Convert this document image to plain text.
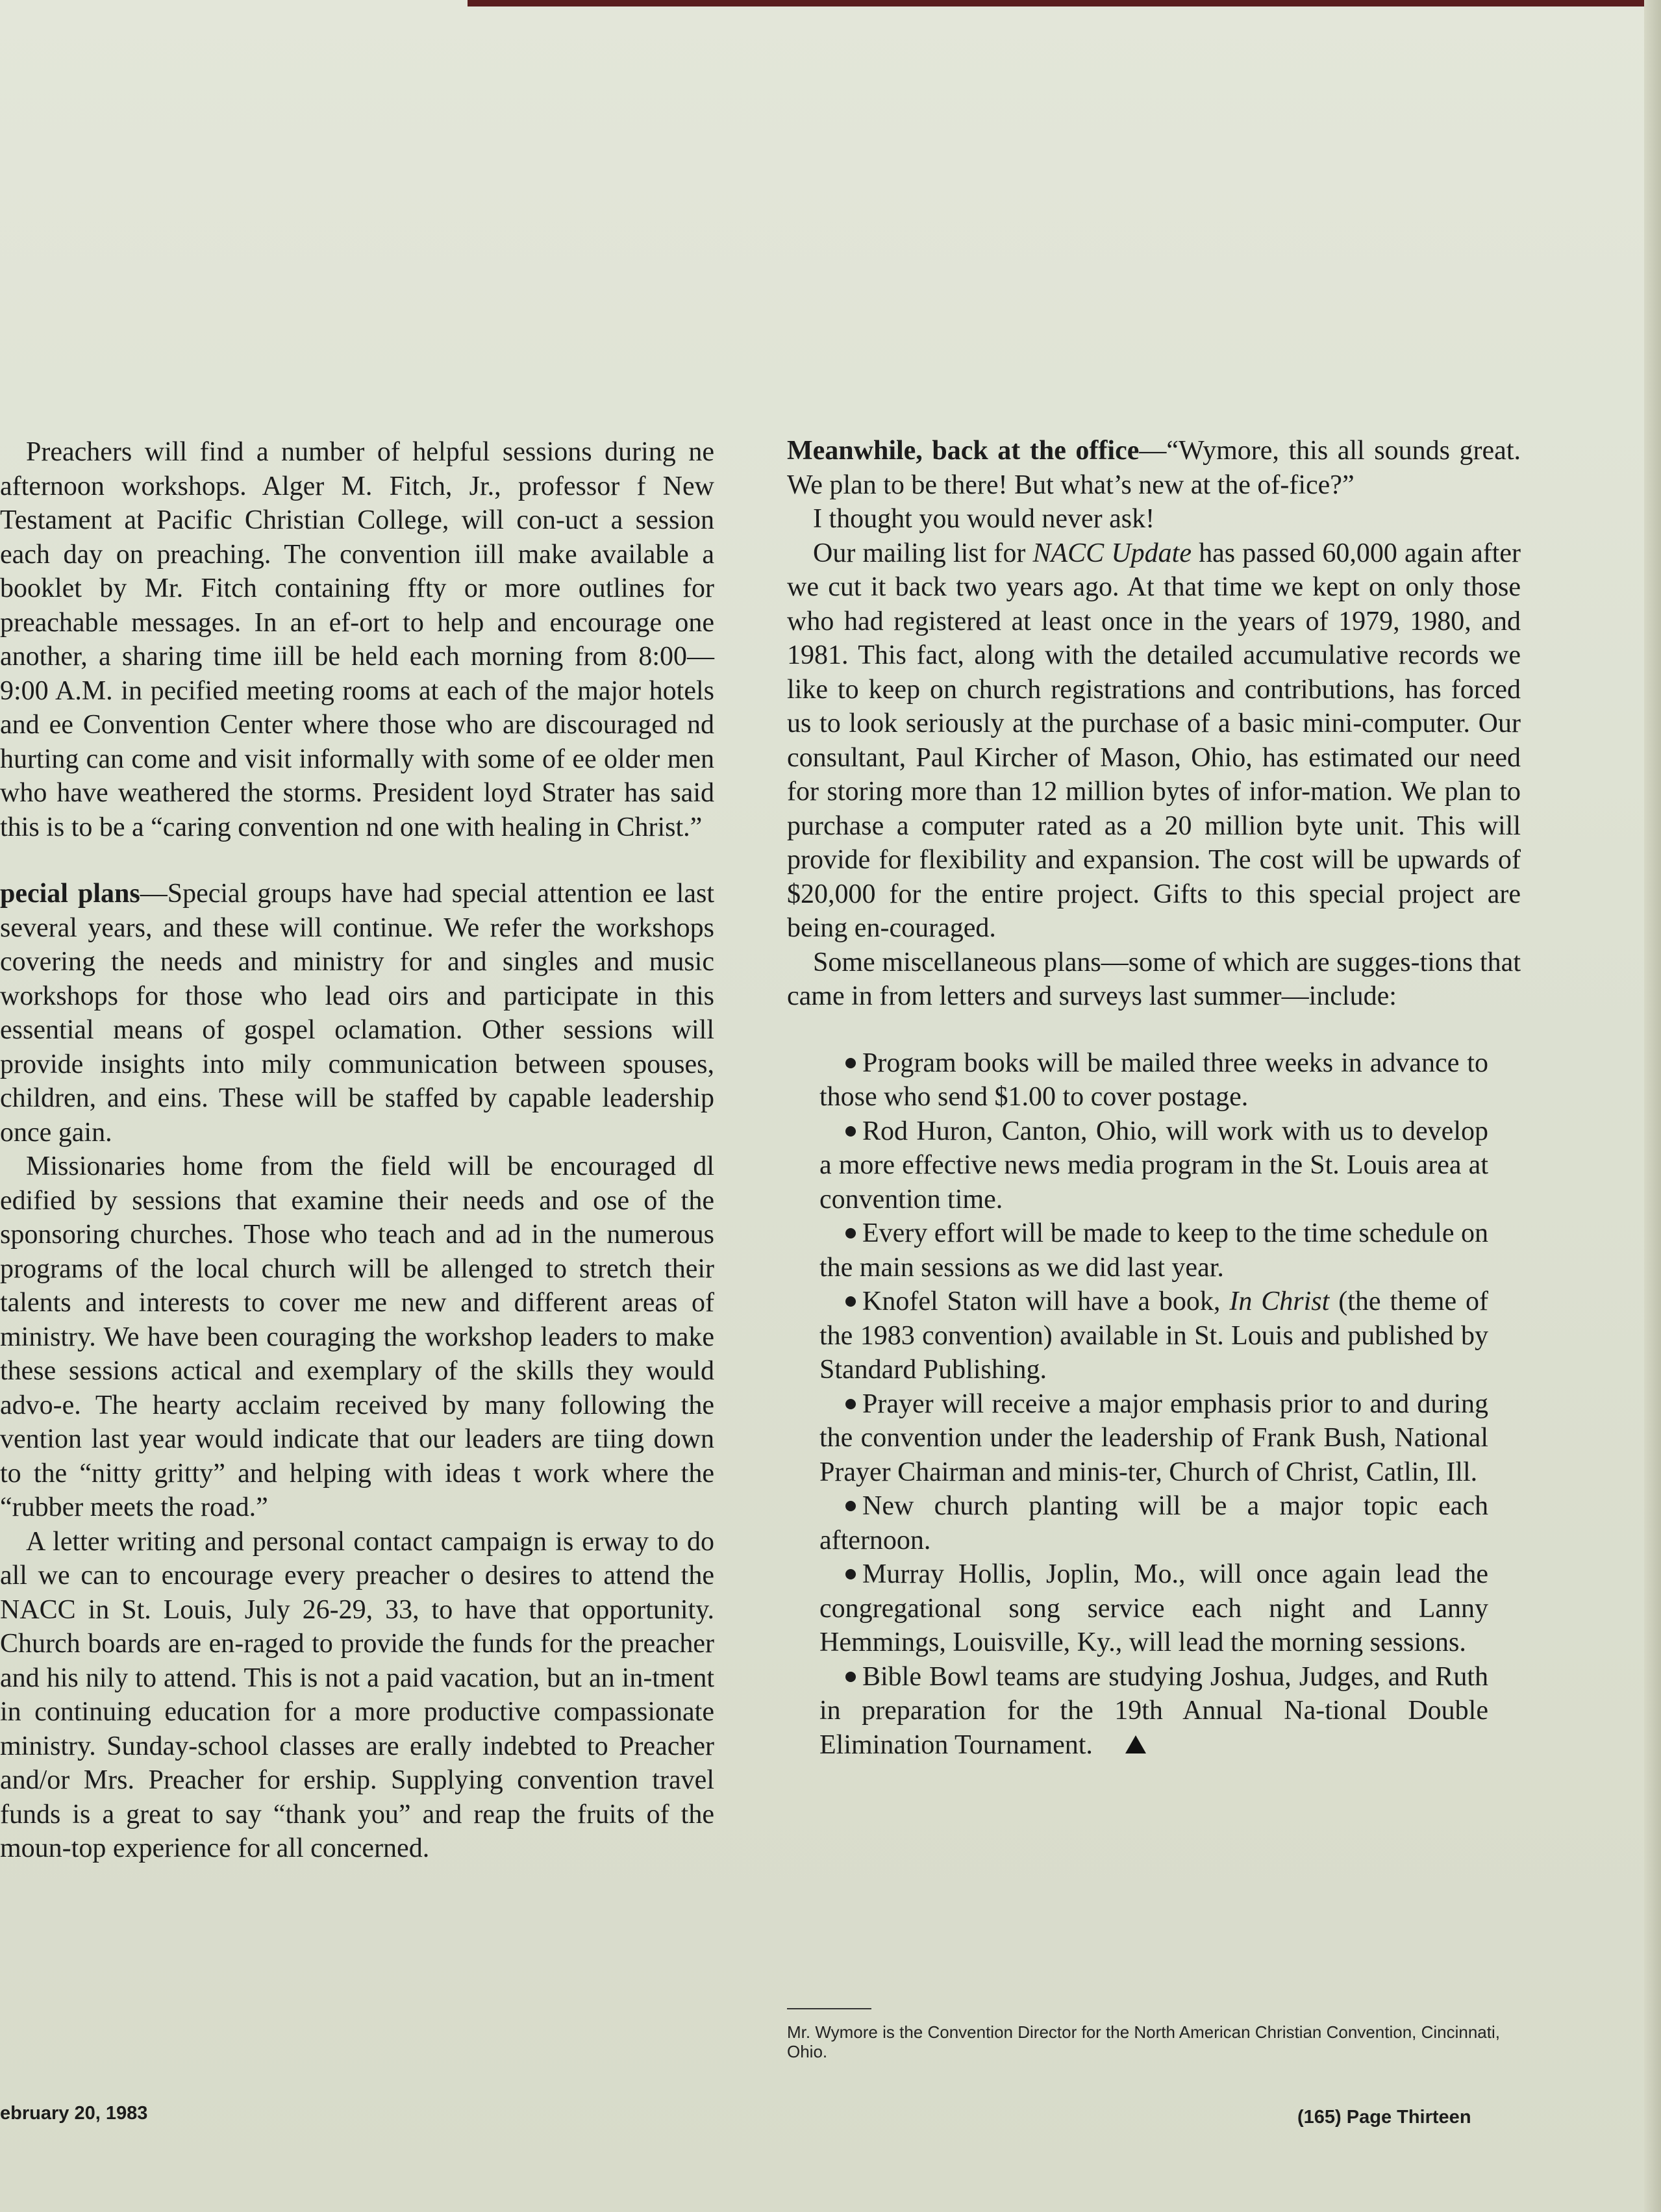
Preachers will find a number of helpful sessions during ne afternoon workshops. Alger M. Fitch, Jr., professor f New Testament at Pacific Christian College, will con-uct a session each day on preaching. The convention iill make available a booklet by Mr. Fitch containing ffty or more outlines for preachable messages. In an ef-ort to help and encourage one another, a sharing time iill be held each morning from 8:00—9:00 A.M. in pecified meeting rooms at each of the major hotels and ee Convention Center where those who are discouraged nd hurting can come and visit informally with some of ee older men who have weathered the storms. President loyd Strater has said this is to be a “caring convention nd one with healing in Christ.”

pecial plans—Special groups have had special attention ee last several years, and these will continue. We refer the workshops covering the needs and ministry for and singles and music workshops for those who lead oirs and participate in this essential means of gospel oclamation. Other sessions will provide insights into mily communication between spouses, children, and eins. These will be staffed by capable leadership once gain.

Missionaries home from the field will be encouraged dl edified by sessions that examine their needs and ose of the sponsoring churches. Those who teach and ad in the numerous programs of the local church will be allenged to stretch their talents and interests to cover me new and different areas of ministry. We have been couraging the workshop leaders to make these sessions actical and exemplary of the skills they would advo-e. The hearty acclaim received by many following the vention last year would indicate that our leaders are tiing down to the “nitty gritty” and helping with ideas t work where the “rubber meets the road.”

A letter writing and personal contact campaign is erway to do all we can to encourage every preacher o desires to attend the NACC in St. Louis, July 26-29, 33, to have that opportunity. Church boards are en-raged to provide the funds for the preacher and his nily to attend. This is not a paid vacation, but an in-tment in continuing education for a more productive compassionate ministry. Sunday-school classes are erally indebted to Preacher and/or Mrs. Preacher for ership. Supplying convention travel funds is a great to say “thank you” and reap the fruits of the moun-top experience for all concerned.

Meanwhile, back at the office—“Wymore, this all sounds great. We plan to be there! But what’s new at the of-fice?”

I thought you would never ask!

Our mailing list for NACC Update has passed 60,000 again after we cut it back two years ago. At that time we kept on only those who had registered at least once in the years of 1979, 1980, and 1981. This fact, along with the detailed accumulative records we like to keep on church registrations and contributions, has forced us to look seriously at the purchase of a basic mini-computer. Our consultant, Paul Kircher of Mason, Ohio, has estimated our need for storing more than 12 million bytes of infor-mation. We plan to purchase a computer rated as a 20 million byte unit. This will provide for flexibility and expansion. The cost will be upwards of $20,000 for the entire project. Gifts to this special project are being en-couraged.

Some miscellaneous plans—some of which are sugges-tions that came in from letters and surveys last summer—include:

Program books will be mailed three weeks in advance to those who send $1.00 to cover postage.

Rod Huron, Canton, Ohio, will work with us to develop a more effective news media program in the St. Louis area at convention time.

Every effort will be made to keep to the time schedule on the main sessions as we did last year.

Knofel Staton will have a book, In Christ (the theme of the 1983 convention) available in St. Louis and published by Standard Publishing.

Prayer will receive a major emphasis prior to and during the convention under the leadership of Frank Bush, National Prayer Chairman and minis-ter, Church of Christ, Catlin, Ill.

New church planting will be a major topic each afternoon.

Murray Hollis, Joplin, Mo., will once again lead the congregational song service each night and Lanny Hemmings, Louisville, Ky., will lead the morning sessions.

Bible Bowl teams are studying Joshua, Judges, and Ruth in preparation for the 19th Annual Na-tional Double Elimination Tournament.

Mr. Wymore is the Convention Director for the North American Christian Convention, Cincinnati, Ohio.
ebruary 20, 1983	(165) Page Thirteen
